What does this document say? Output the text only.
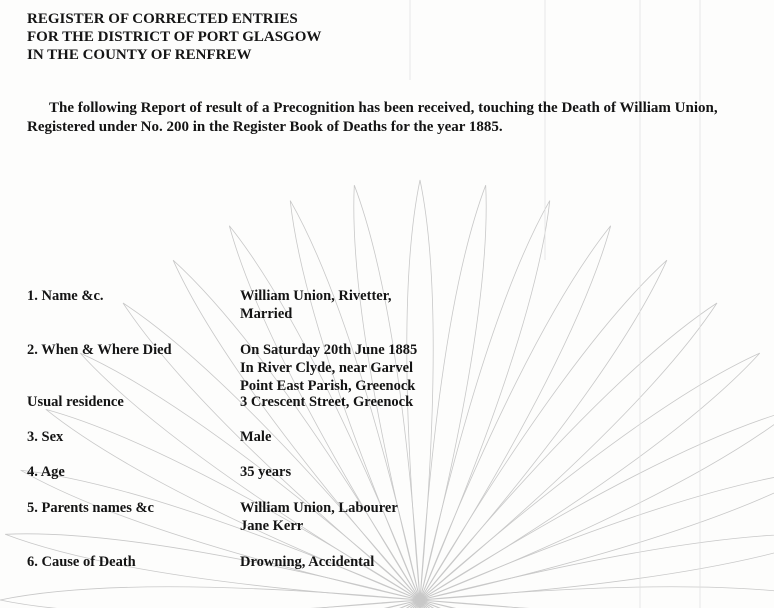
REGISTER OF CORRECTED ENTRIES
FOR THE DISTRICT OF PORT GLASGOW
IN THE COUNTY OF RENFREW
The following Report of result of a Precognition has been received, touching the Death of William Union,
Registered under No. 200 in the Register Book of Deaths for the year 1885.
1. Name &c.	William Union, Rivetter,
Married
2. When & Where Died	On Saturday 20th June 1885
In River Clyde, near Garvel
Point East Parish, Greenock
Usual residence	3 Crescent Street, Greenock
3. Sex	Male
4. Age	35 years
5. Parents names &c	William Union, Labourer
Jane Kerr
6. Cause of Death	Drowning, Accidental
